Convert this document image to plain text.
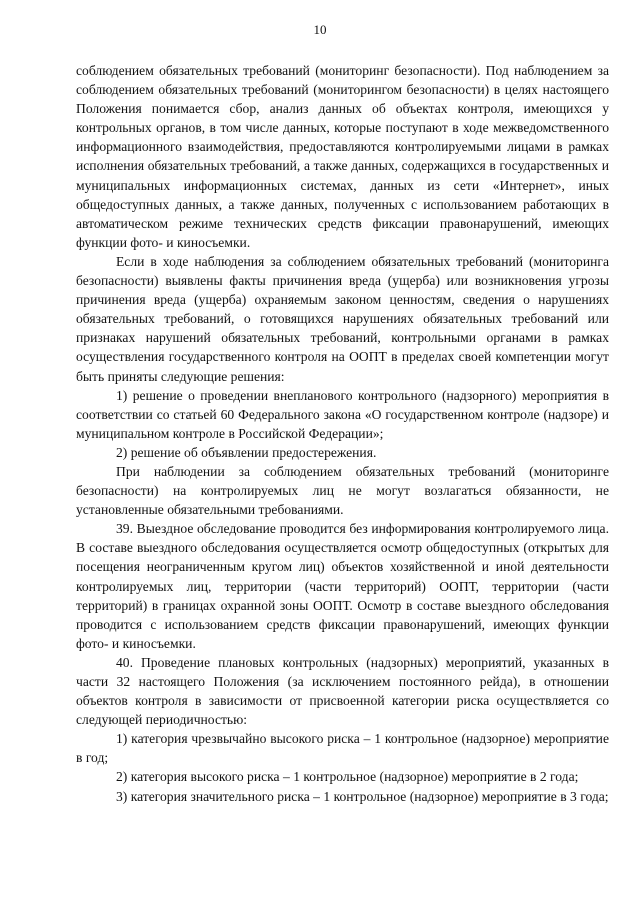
10

соблюдением обязательных требований (мониторинг безопасности). Под наблюдением за соблюдением обязательных требований (мониторингом безопасности) в целях настоящего Положения понимается сбор, анализ данных об объектах контроля, имеющихся у контрольных органов, в том числе данных, которые поступают в ходе межведомственного информационного взаимодействия, предоставляются контролируемыми лицами в рамках исполнения обязательных требований, а также данных, содержащихся в государственных и муниципальных информационных системах, данных из сети «Интернет», иных общедоступных данных, а также данных, полученных с использованием работающих в автоматическом режиме технических средств фиксации правонарушений, имеющих функции фото- и киносъемки.

Если в ходе наблюдения за соблюдением обязательных требований (мониторинга безопасности) выявлены факты причинения вреда (ущерба) или возникновения угрозы причинения вреда (ущерба) охраняемым законом ценностям, сведения о нарушениях обязательных требований, о готовящихся нарушениях обязательных требований или признаках нарушений обязательных требований, контрольными органами в рамках осуществления государственного контроля на ООПТ в пределах своей компетенции могут быть приняты следующие решения:

1) решение о проведении внепланового контрольного (надзорного) мероприятия в соответствии со статьей 60 Федерального закона «О государственном контроле (надзоре) и муниципальном контроле в Российской Федерации»;

2) решение об объявлении предостережения.

При наблюдении за соблюдением обязательных требований (мониторинге безопасности) на контролируемых лиц не могут возлагаться обязанности, не установленные обязательными требованиями.

39. Выездное обследование проводится без информирования контролируемого лица. В составе выездного обследования осуществляется осмотр общедоступных (открытых для посещения неограниченным кругом лиц) объектов хозяйственной и иной деятельности контролируемых лиц, территории (части территорий) ООПТ, территории (части территорий) в границах охранной зоны ООПТ. Осмотр в составе выездного обследования проводится с использованием средств фиксации правонарушений, имеющих функции фото- и киносъемки.

40. Проведение плановых контрольных (надзорных) мероприятий, указанных в части 32 настоящего Положения (за исключением постоянного рейда), в отношении объектов контроля в зависимости от присвоенной категории риска осуществляется со следующей периодичностью:

1) категория чрезвычайно высокого риска – 1 контрольное (надзорное) мероприятие в год;

2) категория высокого риска – 1 контрольное (надзорное) мероприятие в 2 года;

3) категория значительного риска – 1 контрольное (надзорное) мероприятие в 3 года;
